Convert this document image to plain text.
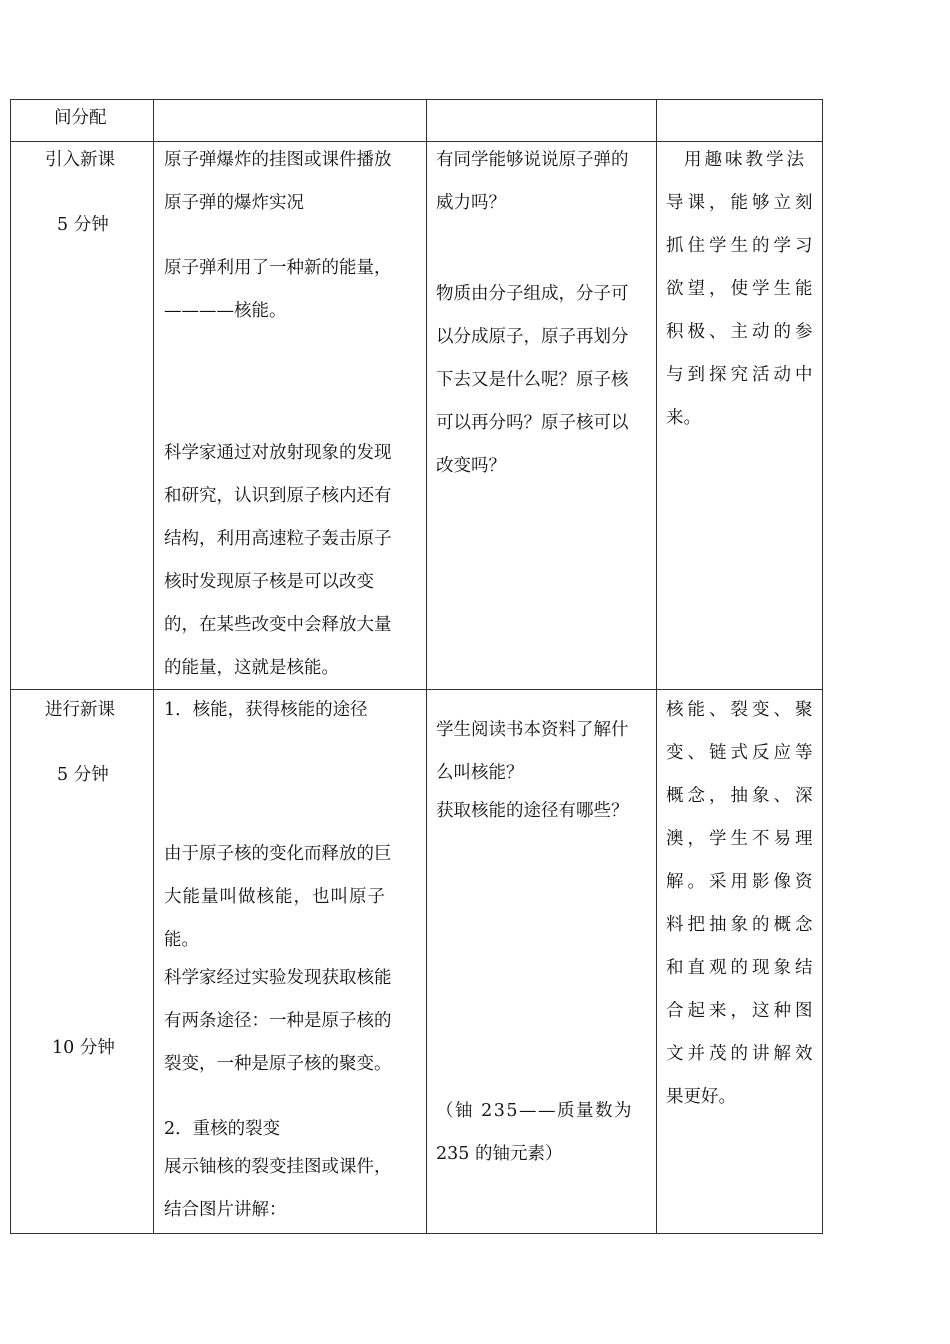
间分配
引入新课
5 分钟
原子弹爆炸的挂图或课件播放
原子弹的爆炸实况
原子弹利用了一种新的能量，
————核能。
科学家通过对放射现象的发现
和研究，认识到原子核内还有
结构，利用高速粒子轰击原子
核时发现原子核是可以改变
的，在某些改变中会释放大量
的能量，这就是核能。
有同学能够说说原子弹的
威力吗？
物质由分子组成，分子可
以分成原子，原子再划分
下去又是什么呢？原子核
可以再分吗？原子核可以
改变吗？
用趣味教学法
导课，能够立刻
抓住学生的学习
欲望，使学生能
积极、主动的参
与到探究活动中
来。
进行新课
5 分钟
10 分钟
1．核能，获得核能的途径
由于原子核的变化而释放的巨
大能量叫做核能，也叫原子
能。
科学家经过实验发现获取核能
有两条途径：一种是原子核的
裂变，一种是原子核的聚变。
2．重核的裂变
展示铀核的裂变挂图或课件，
结合图片讲解：
学生阅读书本资料了解什
么叫核能？
获取核能的途径有哪些？
（铀 235——质量数为
235 的铀元素）
核能、裂变、聚
变、链式反应等
概念，抽象、深
澳，学生不易理
解。采用影像资
料把抽象的概念
和直观的现象结
合起来，这种图
文并茂的讲解效
果更好。
